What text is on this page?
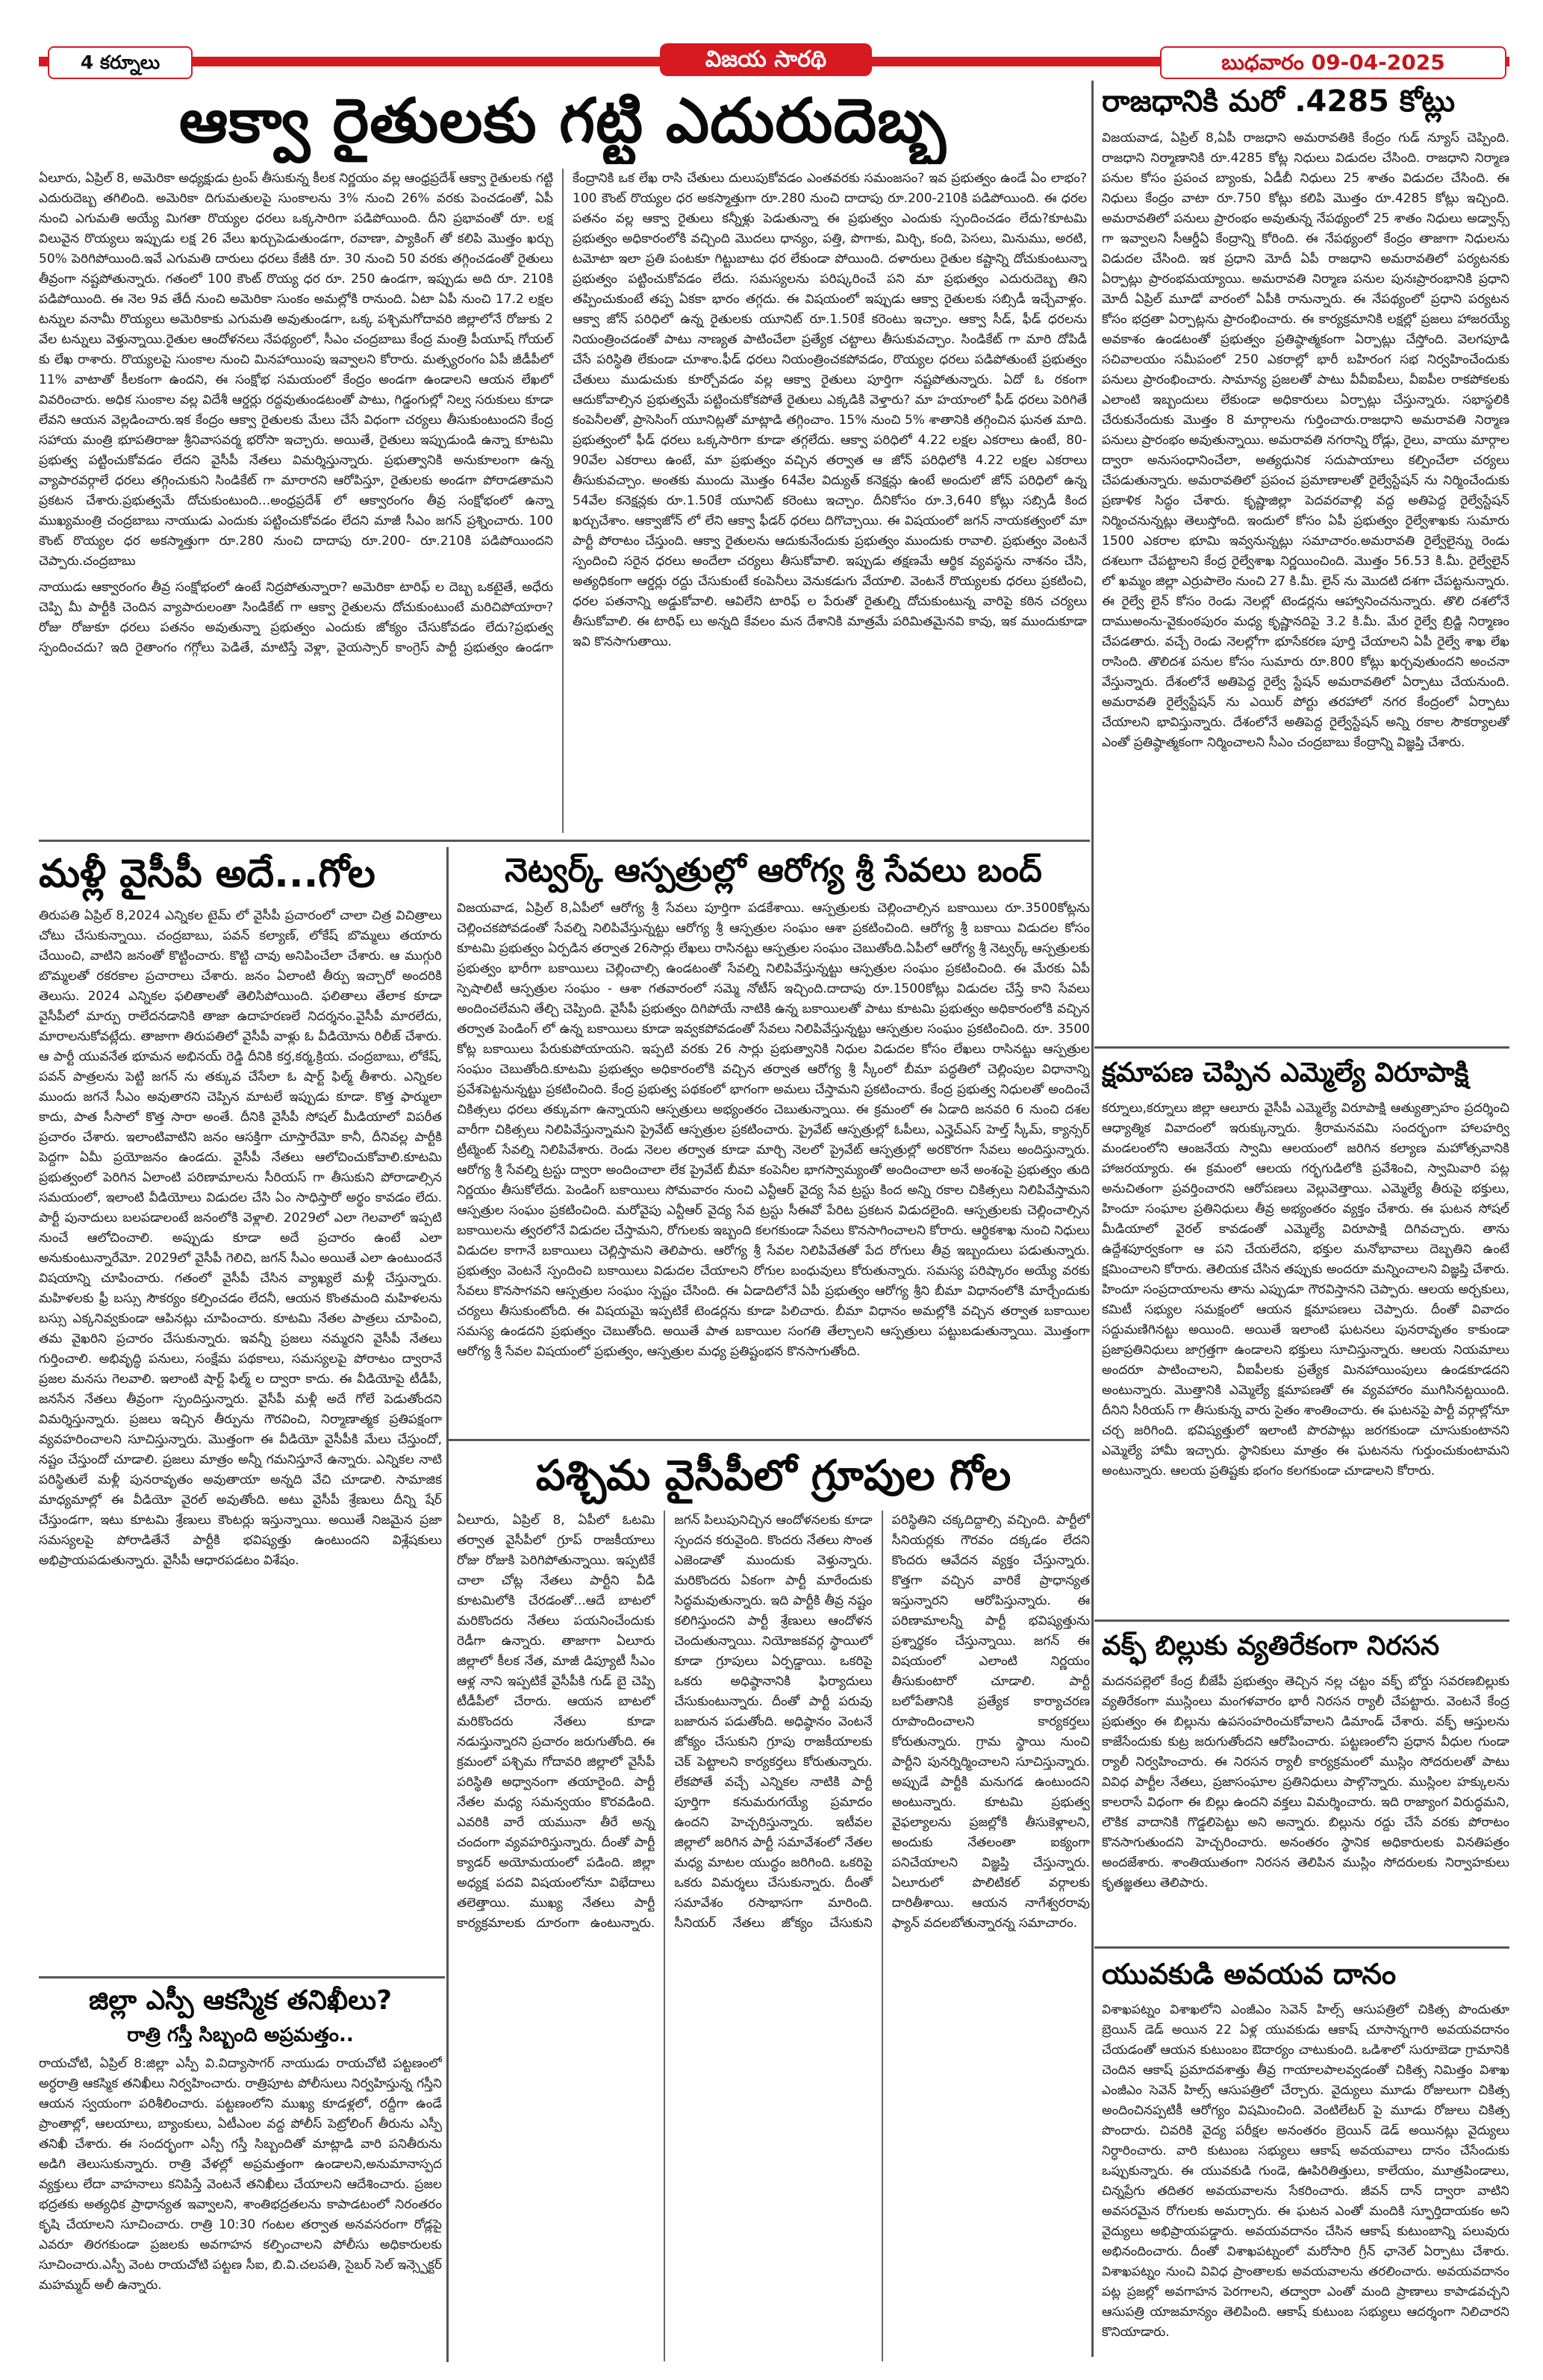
4 కర్నూలు	విజయ సారథి	బుధవారం 09-04-2025
ఆక్వా రైతులకు గట్టి ఎదురుదెబ్బ

ఏలూరు, ఏప్రిల్ 8, అమెరికా అధ్యక్షుడు ట్రంప్ తీసుకున్న కీలక నిర్ణయం వల్ల ఆంధ్రప్రదేశ్ ఆక్వా రైతులకు గట్టి ఎదురుదెబ్బ తగిలింది. అమెరికా దిగుమతులపై సుంకాలను 3% నుంచి 26% వరకు పెంచడంతో, ఏపీ నుంచి ఎగుమతి అయ్యే మిగతా రొయ్యల ధరలు ఒక్కసారిగా పడిపోయింది. దీని ప్రభావంతో రూ. లక్ష విలువైన రొయ్యలు ఇప్పుడు లక్ష 26 వేలు ఖర్చుపెడుతుండగా, రవాణా, ప్యాకింగ్ తో కలిపి మొత్తం ఖర్చు 50% పెరిగిపోయింది.ఇవే ఎగుమతి దారులు ధరలు కేజీకి రూ. 30 నుంచి 50 వరకు తగ్గించడంతో రైతులు తీవ్రంగా నష్టపోతున్నారు. గతంలో 100 కౌంట్ రొయ్య ధర రూ. 250 ఉండగా, ఇప్పుడు అది రూ. 210కి పడిపోయింది. ఈ నెల 9వ తేదీ నుంచి అమెరికా సుంకం అమల్లోకి రానుంది. ఏటా ఏపీ నుంచి 17.2 లక్షల టన్నుల వనామీ రొయ్యలు అమెరికాకు ఎగుమతి అవుతుండగా, ఒక్క పశ్చిమగోదావరి జిల్లాలోనే రోజుకు 2 వేల టన్నులు వెళ్తున్నాయి.రైతుల ఆందోళనలు నేపథ్యంలో, సీఎం చంద్రబాబు కేంద్ర మంత్రి పీయూష్ గోయల్ కు లేఖ రాశారు. రొయ్యలపై సుంకాల నుంచి మినహాయింపు ఇవ్వాలని కోరారు. మత్స్యరంగం ఏపీ జీడీపీలో 11% వాటాతో కీలకంగా ఉందని, ఈ సంక్షోభ సమయంలో కేంద్రం అండగా ఉండాలని ఆయన లేఖలో వివరించారు. అధిక సుంకాల వల్ల విదేశీ ఆర్డర్లు రద్దవుతుండటంతో పాటు, గిడ్డంగుల్లో నిల్వ సరుకులు కూడా లేవని ఆయన వెల్లడించారు.ఇక కేంద్రం ఆక్వా రైతులకు మేలు చేసే విధంగా చర్యలు తీసుకుంటుందని కేంద్ర సహాయ మంత్రి భూపతిరాజు శ్రీనివాసవర్మ భరోసా ఇచ్చారు. అయితే, రైతులు ఇప్పుడుండి ఉన్నా కూటమి ప్రభుత్వ పట్టించుకోవడం లేదని వైసీపీ నేతలు విమర్శిస్తున్నారు. ప్రభుత్వానికి అనుకూలంగా ఉన్న వ్యాపారవర్గాలే ధరలు తగ్గించుకుని సిండికేట్ గా మారారని ఆరోపిస్తూ, రైతులకు అండగా పోరాడతామని ప్రకటన చేశారు.ప్రభుత్వమే దోచుకుంటుంది...అంధ్రప్రదేశ్ లో ఆక్వారంగం తీవ్ర సంక్షోభంలో ఉన్నా ముఖ్యమంత్రి చంద్రబాబు నాయుడు ఎందుకు పట్టించుకోవడం లేదని మాజీ సీఎం జగన్ ప్రశ్నించారు. 100 కౌంట్ రొయ్యల ధర అకస్మాత్తుగా రూ.280 నుంచి దాదాపు రూ.200- రూ.210కి పడిపోయిందని చెప్పారు.చంద్రబాబు

నాయుడు ఆక్వారంగం తీవ్ర సంక్షోభంలో ఉంటే నిద్రపోతున్నారా? అమెరికా టారిఫ్ ల దెబ్బ ఒకటైతే, అధేరు చెప్పి మీ పార్టీకి చెందిన వ్యాపారులంతా సిండికేట్ గా ఆక్వా రైతులను దోచుకుంటుంటే మరిచిపోయారా? రోజు రోజుకూ ధరలు పతనం అవుతున్నా ప్రభుత్వం ఎందుకు జోక్యం చేసుకోవడం లేదు?ప్రభుత్వ స్పందించదు? ఇది రైతాంగం గగ్గోలు పెడితే, మాటిస్తే వెళ్లా, వైయస్సార్ కాంగ్రెస్ పార్టీ ప్రభుత్వం ఉండగా కేంద్రానికి ఒక లేఖ రాసి చేతులు దులుపుకోవడం ఎంతవరకు సమంజసం? ఇవ ప్రభుత్వం ఉండే ఏం లాభం? 100 కౌంట్ రొయ్యల ధర అకస్మాత్తుగా రూ.280 నుంచి దాదాపు రూ.200-210కి పడిపోయింది. ఈ ధరల పతనం వల్ల ఆక్వా రైతులు కన్నీళ్లు పెడుతున్నా ఈ ప్రభుత్వం ఎందుకు స్పందించడం లేదు?కూటమి ప్రభుత్వం అధికారంలోకి వచ్చింది మొదలు ధాన్యం, పత్తి, పొగాకు, మిర్చి, కంది, పెసలు, మినుము, అరటి, టమోటా ఇలా ప్రతి పంటకూ గిట్టుబాటు ధర లేకుండా పోయింది. దళారులు రైతుల కష్టాన్ని దోచుకుంటున్నా ప్రభుత్వం పట్టించుకోవడం లేదు. సమస్యలను పరిష్కరించే పని మా ప్రభుత్వం ఎదురుదెబ్బ తిని తప్పించుకుంటే తప్ప ఏకకా భారం తగ్గదు. ఈ విషయంలో ఇప్పుడు ఆక్వా రైతులకు సబ్సిడీ ఇచ్చేవాళ్లం. ఆక్వా జోన్ పరిధిలో ఉన్న రైతులకు యూనిట్ రూ.1.50కే కరెంటు ఇచ్చాం. ఆక్వా సీడ్, ఫీడ్ ధరలను నియంత్రించడంతో పాటు నాణ్యత పాటించేలా ప్రత్యేక చట్టాలు తీసుకువచ్చాం. సిండికేట్ గా మారి దోపిడీ చేసే పరిస్థితి లేకుండా చూశాం.ఫీడ్ ధరలు నియంత్రించకపోవడం, రొయ్యల ధరలు పడిపోతుంటే ప్రభుత్వం చేతులు ముడుచుకు కూర్చోవడం వల్ల ఆక్వా రైతులు పూర్తిగా నష్టపోతున్నారు. ఏదో ఓ రకంగా ఆదుకోవాల్సిన ప్రభుత్వమే పట్టించుకోకపోతే రైతులు ఎక్కడికి వెళ్తారు? మా హయాంలో ఫీడ్ ధరలు పెరిగితే కంపెనీలతో, ప్రాసెసింగ్ యూనిట్లతో మాట్లాడి తగ్గించాం. 15% నుంచి 5% శాతానికి తగ్గించిన ఘనత మాది. ప్రభుత్వంలో ఫీడ్ ధరలు ఒక్కసారిగా కూడా తగ్గలేదు. ఆక్వా పరిధిలో 4.22 లక్షల ఎకరాలు ఉంటే, 80-90వేల ఎకరాలు ఉంటే, మా ప్రభుత్వం వచ్చిన తర్వాత ఆ జోన్ పరిధిలోకి 4.22 లక్షల ఎకరాలు తీసుకువచ్చాం. అంతకు ముందు మొత్తం 64వేల విద్యుత్ కనెక్షన్లు ఉంటే అందులో జోన్ పరిధిలో ఉన్న 54వేల కనెక్షన్లకు రూ.1.50కే యూనిట్ కరెంటు ఇచ్చాం. దీనికోసం రూ.3,640 కోట్లు సబ్సిడీ కింద ఖర్చుచేశాం. ఆక్వాజోన్ లో లేని ఆక్వా ఫీడర్ ధరలు దిగొచ్చాయి. ఈ విషయంలో జగన్ నాయకత్వంలో మా పార్టీ పోరాటం చేస్తుంది. ఆక్వా రైతులను ఆదుకునేందుకు ప్రభుత్వం ముందుకు రావాలి. ప్రభుత్వం వెంటనే స్పందించి సరైన ధరలు అందేలా చర్యలు తీసుకోవాలి. ఇప్పుడు తక్షణమే ఆర్థిక వ్యవస్థను నాశనం చేసి, అత్యధికంగా ఆర్డర్లు రద్దు చేసుకుంటే కంపెనీలు వెనుకడుగు వేయాలి. వెంటనే రొయ్యలకు ధరలు ప్రకటించి, ధరల పతనాన్ని అడ్డుకోవాలి. ఆవిలేని టారిఫ్ ల పేరుతో రైతుల్ని దోచుకుంటున్న వారిపై కఠిన చర్యలు తీసుకోవాలి. ఈ టారిఫ్ లు అన్నది కేవలం మన దేశానికి మాత్రమే పరిమితమైనవి కావు, ఇక ముందుకూడా ఇవి కొనసాగుతాయి.

రాజధానికి మరో .4285 కోట్లు
విజయవాడ, ఏప్రిల్ 8,ఏపీ రాజధాని అమరావతికి కేంద్రం గుడ్ న్యూస్ చెప్పింది. రాజధాని నిర్మాణానికి రూ.4285 కోట్ల నిధులు విడుదల చేసింది. రాజధాని నిర్మాణ పనుల కోసం ప్రపంచ బ్యాంకు, ఏడీబీ నిధులు 25 శాతం విడుదల చేసింది. ఈ నిధులు కేంద్రం వాటా రూ.750 కోట్లు కలిపి మొత్తం రూ.4285 కోట్లు ఇచ్చింది. అమరావతిలో పనులు ప్రారంభం అవుతున్న నేపథ్యంలో 25 శాతం నిధులు అడ్వాన్స్ గా ఇవ్వాలని సీఆర్డీఏ కేంద్రాన్ని కోరింది. ఈ నేపథ్యంలో కేంద్రం తాజాగా నిధులను విడుదల చేసింది. ఇక ప్రధాని మోదీ ఏపీ రాజధాని అమరావతిలో పర్యటనకు ఏర్పాట్లు ప్రారంభమయ్యాయి. అమరావతి నిర్మాణ పనుల పునఃప్రారంభానికి ప్రధాని మోదీ ఏప్రిల్ మూడో వారంలో ఏపీకి రానున్నారు. ఈ నేపథ్యంలో ప్రధాని పర్యటన కోసం భద్రతా ఏర్పాట్లను ప్రారంభించారు. ఈ కార్యక్రమానికి లక్షల్లో ప్రజలు హాజరయ్యే అవకాశం ఉండటంతో ప్రభుత్వం ప్రతిష్ఠాత్మకంగా ఏర్పాట్లు చేస్తోంది. వెలగపూడి సచివాలయం సమీపంలో 250 ఎకరాల్లో భారీ బహిరంగ సభ నిర్వహించేందుకు పనులు ప్రారంభించారు. సామాన్య ప్రజలతో పాటు వీవీఐపీలు, వీఐపీల రాకపోకలకు ఎలాంటి ఇబ్బందులు లేకుండా అధికారులు ఏర్పాట్లు చేస్తున్నారు. సభాస్థలికి చేరుకునేందుకు మొత్తం 8 మార్గాలను గుర్తించారు.రాజధాని అమరావతి నిర్మాణ పనులు ప్రారంభం అవుతున్నాయి. అమరావతి నగరాన్ని రోడ్లు, రైలు, వాయు మార్గాల ద్వారా అనుసంధానించేలా, అత్యధునిక సదుపాయాలు కల్పించేలా చర్యలు చేపడుతున్నారు. అమరావతిలో ప్రపంచ ప్రమాణాలతో రైల్వేస్టేషన్ ను నిర్మించేందుకు ప్రణాళిక సిద్ధం చేశారు. కృష్ణాజిల్లా పెదవరవాల్లి వద్ద అతిపెద్ద రైల్వేస్టేషన్ నిర్మించనున్నట్లు తెలుస్తోంది. ఇందులో కోసం ఏపీ ప్రభుత్వం రైల్వేశాఖకు సుమారు 1500 ఎకరాల భూమి ఇవ్వనున్నట్లు సమాచారం.అమరావతి రైల్వేలైన్ను రెండు దశలుగా చేపట్టాలని కేంద్ర రైల్వేశాఖ నిర్ణయించింది. మొత్తం 56.53 కి.మీ. రైల్వేలైన్ లో ఖమ్మం జిల్లా ఎర్రుపాలెం నుంచి 27 కి.మీ. లైన్ ను మొదటి దశగా చేపట్టనున్నారు. ఈ రైల్వే లైన్ కోసం రెండు నెలల్లో టెండర్లను ఆహ్వానించనున్నారు. తొలి దశలోనే దాముఅంను-వైకుంఠపురం మధ్య కృష్ణానదిపై 3.2 కి.మీ. మేర రైల్వే బ్రిడ్జి నిర్మాణం చేపడతారు. వచ్చే రెండు నెలల్లోగా భూసేకరణ పూర్తి చేయాలని ఏపీ రైల్వే శాఖ లేఖ రాసింది. తొలిదశ పనుల కోసం సుమారు రూ.800 కోట్లు ఖర్చవుతుందని అంచనా వేస్తున్నారు. దేశంలోనే అతిపెద్ద రైల్వే స్టేషన్ అమరావతిలో ఏర్పాటు చేయనుంది. అమరావతి రైల్వేస్టేషన్ ను ఎయిర్ పోర్టు తరహాలో నగర కేంద్రంలో ఏర్పాటు చేయాలని భావిస్తున్నారు. దేశంలోనే అతిపెద్ద రైల్వేస్టేషన్ అన్ని రకాల సౌకర్యాలతో ఎంతో ప్రతిష్ఠాత్మకంగా నిర్మించాలని సీఎం చంద్రబాబు కేంద్రాన్ని విజ్ఞప్తి చేశారు.
మళ్లీ వైసీపీ అదే...గోల
తిరుపతి ఏప్రిల్ 8,2024 ఎన్నికల టైమ్ లో వైసీపీ ప్రచారంలో చాలా చిత్ర విచిత్రాలు చోటు చేసుకున్నాయి. చంద్రబాబు, పవన్ కల్యాణ్, లోకేష్ బొమ్మలు తయారు చేయించి, వాటిని జనంతో కొట్టించారు. కొట్టి చావు అనిపించేలా చేశారు. ఆ ముగ్గురి బొమ్మలతో రకరకాల ప్రచారాలు చేశారు. జనం ఏలాంటి తీర్పు ఇచ్చారో అందరికి తెలుసు. 2024 ఎన్నికల ఫలితాలతో తెలిసిపోయింది. ఫలితాలు తేలాక కూడా వైసీపీలో మార్పు రాలేదనడానికి తాజా ఉదాహరణలే నిదర్శనం.వైసీపీ మారలేదు, మారాలనుకోవట్లేదు. తాజాగా తిరుపతిలో వైసీపీ వాళ్లు ఓ వీడియోను రిలీజ్ చేశారు. ఆ పార్టీ యువనేత భూమన అభినయ్ రెడ్డి దీనికి కర్త,కర్మ,క్రియ. చంద్రబాబు, లోకేష్, పవన్ పాత్రలను పెట్టి జగన్ ను తక్కువ చేసేలా ఓ షార్ట్ ఫిల్మ్ తీశారు. ఎన్నికల ముందు జగనే సీఎం అవుతారని చెప్పిన మాటలే ఇప్పుడు కూడా. కొత్త ఫార్ములా కాదు, పాత సీసాలో కొత్త సారా అంతే. దీనికి వైసీపీ సోషల్ మీడియాలో విపరీత ప్రచారం చేశారు. ఇలాంటివాటిని జనం ఆసక్తిగా చూస్తారేమో కానీ, దీనివల్ల పార్టీకి పెద్దగా ఏమీ ప్రయోజనం ఉండదు. వైసీపీ నేతలు ఆలోచించుకోవాలి.కూటమి ప్రభుత్వంలో పెరిగిన ఏలాంటి పరిణామాలను సీరియస్ గా తీసుకుని పోరాడాల్సిన సమయంలో, ఇలాంటి వీడియోలు విడుదల చేసి ఏం సాధిస్తారో అర్థం కావడం లేదు. పార్టీ పునాదులు బలపడాలంటే జనంలోకి వెళ్లాలి. 2029లో ఎలా గెలవాలో ఇప్పటి నుంచే ఆలోచించాలి. అప్పుడు కూడా అదే ప్రచారం ఉంటే ఎలా అనుకుంటున్నారేమో. 2029లో వైసీపీ గెలిచి, జగన్ సీఎం అయితే ఎలా ఉంటుందనే విషయాన్ని చూపించారు. గతంలో వైసీపీ చేసిన వ్యాఖ్యలే మళ్లీ చేస్తున్నారు. మహిళలకు ఫ్రీ బస్సు సౌకర్యం కల్పించడం లేదనీ, ఆయన కొంతమంది మహిళలను బస్సు ఎక్కనివ్వకుండా ఆపినట్లు చూపించారు. కూటమి నేతల పాత్రలు చూపించి, తమ వైఖరిని ప్రచారం చేసుకున్నారు. ఇవన్నీ ప్రజలు నమ్మరని వైసీపీ నేతలు గుర్తించాలి. అభివృద్ధి పనులు, సంక్షేమ పథకాలు, సమస్యలపై పోరాటం ద్వారానే ప్రజల మనసు గెలవాలి. ఇలాంటి షార్ట్ ఫిల్మ్ ల ద్వారా కాదు. ఈ వీడియోపై టీడీపీ, జనసేన నేతలు తీవ్రంగా స్పందిస్తున్నారు. వైసీపీ మళ్లీ అదే గోలే పెడుతోందని విమర్శిస్తున్నారు. ప్రజలు ఇచ్చిన తీర్పును గౌరవించి, నిర్మాణాత్మక ప్రతిపక్షంగా వ్యవహరించాలని సూచిస్తున్నారు. మొత్తంగా ఈ వీడియో వైసీపీకి మేలు చేస్తుందో, నష్టం చేస్తుందో చూడాలి. ప్రజలు మాత్రం అన్నీ గమనిస్తూనే ఉన్నారు. ఎన్నికల నాటి పరిస్థితులే మళ్లీ పునరావృతం అవుతాయా అన్నది వేచి చూడాలి. సామాజిక మాధ్యమాల్లో ఈ వీడియో వైరల్ అవుతోంది. అటు వైసీపీ శ్రేణులు దీన్ని షేర్ చేస్తుండగా, ఇటు కూటమి శ్రేణులు కౌంటర్లు ఇస్తున్నాయి. అయితే నిజమైన ప్రజా సమస్యలపై పోరాడితేనే పార్టీకి భవిష్యత్తు ఉంటుందని విశ్లేషకులు అభిప్రాయపడుతున్నారు. వైసీపీ ఆధారపడటం విశేషం.
జిల్లా ఎస్పీ ఆకస్మిక తనిఖీలు?
రాత్రి గస్తీ సిబ్బంది అప్రమత్తం..
రాయచోటి, ఏప్రిల్ 8:జిల్లా ఎస్పీ వి.విద్యాసాగర్ నాయుడు రాయచోటి పట్టణంలో అర్ధరాత్రి ఆకస్మిక తనిఖీలు నిర్వహించారు. రాత్రిపూట పోలీసులు నిర్వహిస్తున్న గస్తీని ఆయన స్వయంగా పరిశీలించారు. పట్టణంలోని ముఖ్య కూడళ్లలో, రద్దీగా ఉండే ప్రాంతాల్లో, ఆలయాలు, బ్యాంకులు, ఏటీఎంల వద్ద పోలీస్ పెట్రోలింగ్ తీరును ఎస్పీ తనిఖీ చేశారు. ఈ సందర్భంగా ఎస్పీ గస్తీ సిబ్బందితో మాట్లాడి వారి పనితీరును అడిగి తెలుసుకున్నారు. రాత్రి వేళల్లో అప్రమత్తంగా ఉండాలని,అనుమానాస్పద వ్యక్తులు లేదా వాహనాలు కనిపిస్తే వెంటనే తనిఖీలు చేయాలని ఆదేశించారు. ప్రజల భద్రతకు అత్యధిక ప్రాధాన్యత ఇవ్వాలని, శాంతిభద్రతలను కాపాడటంలో నిరంతరం కృషి చేయాలని సూచించారు. రాత్రి 10:30 గంటల తర్వాత అనవసరంగా రోడ్లపై ఎవరూ తిరగకుండా ప్రజలకు అవగాహన కల్పించాలని పోలీసు అధికారులకు సూచించారు.ఎస్పీ వెంట రాయచోటి పట్టణ సీఐ, బి.వి.చలపతి, సైబర్ సెల్ ఇన్స్పెక్టర్ మహమ్మద్ అలీ ఉన్నారు.
నెట్వర్క్ ఆస్పత్రుల్లో ఆరోగ్య శ్రీ సేవలు బంద్
విజయవాడ, ఏప్రిల్ 8,ఏపీలో ఆరోగ్య శ్రీ సేవలు పూర్తిగా పడకేశాయి. ఆస్పత్రులకు చెల్లించాల్సిన బకాయిలు రూ.3500కోట్లను చెల్లించకపోవడంతో సేవల్ని నిలిపివేస్తున్నట్టు ఆరోగ్య శ్రీ ఆస్పత్రుల సంఘం ఆశా ప్రకటించింది. ఆరోగ్య శ్రీ బకాయి విడుదల కోసం కూటమి ప్రభుత్వం ఏర్పడిన తర్వాత 26సార్లు లేఖలు రాసినట్టు ఆస్పత్రుల సంఘం చెబుతోంది.ఏపీలో ఆరోగ్య శ్రీ నెట్వర్క్ ఆస్పత్రులకు ప్రభుత్వం భారీగా బకాయిలు చెల్లించాల్సి ఉండటంతో సేవల్ని నిలిపివేస్తున్నట్టు ఆస్పత్రుల సంఘం ప్రకటించింది. ఈ మేరకు ఏపీ స్పెషాలిటీ ఆస్పత్రుల సంఘం - ఆశా గతవారంలో సమ్మె నోటీస్ ఇచ్చింది.దాదాపు రూ.1500కోట్లు విడుదల చేస్తే కాని సేవలు అందించలేమని తేల్చి చెప్పింది. వైసీపీ ప్రభుత్వం దిగిపోయే నాటికి ఉన్న బకాయిలతో పాటు కూటమి ప్రభుత్వం అధికారంలోకి వచ్చిన తర్వాత పెండింగ్ లో ఉన్న బకాయిలు కూడా ఇవ్వకపోవడంతో సేవలు నిలిపివేస్తున్నట్టు ఆస్పత్రుల సంఘం ప్రకటించింది. రూ. 3500 కోట్ల బకాయిలు పేరుకుపోయాయని. ఇప్పటి వరకు 26 సార్లు ప్రభుత్వానికి నిధుల విడుదల కోసం లేఖలు రాసినట్టు ఆస్పత్రుల సంఘం చెబుతోంది.కూటమి ప్రభుత్వం అధికారంలోకి వచ్చిన తర్వాత ఆరోగ్య శ్రీ స్కీంలో బీమా పద్ధతిలో చెల్లింపుల విధానాన్ని ప్రవేశపెట్టనున్నట్టు ప్రకటించింది. కేంద్ర ప్రభుత్వ పథకంలో భాగంగా అమలు చేస్తామని ప్రకటించారు. కేంద్ర ప్రభుత్వ నిధులతో అందించే చికిత్సలు ధరలు తక్కువగా ఉన్నాయని ఆస్పత్రులు అభ్యంతరం చెబుతున్నాయి. ఈ క్రమంలో ఈ ఏడాది జనవరి 6 నుంచి దశల వారీగా చికిత్సలు నిలిపివేస్తున్నామని ప్రైవేట్ ఆస్పత్రుల ప్రకటించారు. ప్రైవేట్ ఆస్పత్రుల్లో ఓపీలు, ఎన్హెచ్ఎస్ హెల్త్ స్కీమ్, క్యాన్సర్ ట్రీట్మెంట్ సేవల్ని నిలిపివేశారు. రెండు నెలల తర్వాత కూడా మార్చి నెలలో ప్రైవేట్ ఆస్పత్రుల్లో అరకొరగా సేవలు అందిస్తున్నారు. ఆరోగ్య శ్రీ సేవల్ని ట్రస్టు ద్వారా అందించాలా లేక ప్రైవేట్ బీమా కంపెనీల భాగస్వామ్యంతో అందించాలా అనే అంశంపై ప్రభుత్వం తుది నిర్ణయం తీసుకోలేదు. పెండింగ్ బకాయిలు సోమవారం నుంచి ఎన్టీఆర్ వైద్య సేవ ట్రస్టు కింద అన్ని రకాల చికిత్సలు నిలిపివేస్తామని ఆస్పత్రుల సంఘం ప్రకటించింది. మరోవైపు ఎన్టీఆర్ వైద్య సేవ ట్రస్టు సీఈవో పేరిట ప్రకటన విడుదలైంది. ఆస్పత్రులకు చెల్లించాల్సిన బకాయిలను త్వరలోనే విడుదల చేస్తామని, రోగులకు ఇబ్బంది కలగకుండా సేవలు కొనసాగించాలని కోరారు. ఆర్థికశాఖ నుంచి నిధులు విడుదల కాగానే బకాయిలు చెల్లిస్తామని తెలిపారు. ఆరోగ్య శ్రీ సేవల నిలిపివేతతో పేద రోగులు తీవ్ర ఇబ్బందులు పడుతున్నారు. ప్రభుత్వం వెంటనే స్పందించి బకాయిలు విడుదల చేయాలని రోగుల బంధువులు కోరుతున్నారు. సమస్య పరిష్కారం అయ్యే వరకు సేవలు కొనసాగవని ఆస్పత్రుల సంఘం స్పష్టం చేసింది. ఈ ఏడాదిలోనే ఏపీ ప్రభుత్వం ఆరోగ్య శ్రీని బీమా విధానంలోకి మార్చేందుకు చర్యలు తీసుకుంటోంది. ఈ విషయమై ఇప్పటికే టెండర్లను కూడా పిలిచారు. బీమా విధానం అమల్లోకి వచ్చిన తర్వాత బకాయిల సమస్య ఉండదని ప్రభుత్వం చెబుతోంది. అయితే పాత బకాయిల సంగతి తేల్చాలని ఆస్పత్రులు పట్టుబడుతున్నాయి. మొత్తంగా ఆరోగ్య శ్రీ సేవల విషయంలో ప్రభుత్వం, ఆస్పత్రుల మధ్య ప్రతిష్టంభన కొనసాగుతోంది.
పశ్చిమ వైసీపీలో గ్రూపుల గోల
ఏలూరు, ఏప్రిల్ 8, ఏపీలో ఓటమి తర్వాత వైసీపీలో గ్రూప్ రాజకీయాలు రోజు రోజుకి పెరిగిపోతున్నాయి. ఇప్పటికే చాలా చోట్ల నేతలు పార్టీని వీడి కూటమిలోకి చేరడంతో...ఆదే బాటలో మరికొందరు నేతలు పయనించేందుకు రెడీగా ఉన్నారు. తాజాగా ఏలూరు జిల్లాలో కీలక నేత, మాజీ డిప్యూటీ సీఎం ఆళ్ల నాని ఇప్పటికే వైసీపీకి గుడ్ బై చెప్పి టీడీపీలో చేరారు. ఆయన బాటలో మరికొందరు నేతలు కూడా నడుస్తున్నారని ప్రచారం జరుగుతోంది. ఈ క్రమంలో పశ్చిమ గోదావరి జిల్లాలో వైసీపీ పరిస్థితి అధ్వానంగా తయారైంది. పార్టీ నేతల మధ్య సమన్వయం కొరవడింది. ఎవరికి వారే యమునా తీరే అన్న చందంగా వ్యవహరిస్తున్నారు. దీంతో పార్టీ క్యాడర్ అయోమయంలో పడింది. జిల్లా అధ్యక్ష పదవి విషయంలోనూ విభేదాలు తలెత్తాయి. ముఖ్య నేతలు పార్టీ కార్యక్రమాలకు దూరంగా ఉంటున్నారు. జగన్ పిలుపునిచ్చిన ఆందోళనలకు కూడా స్పందన కరువైంది. కొందరు నేతలు సొంత ఎజెండాతో ముందుకు వెళ్తున్నారు. మరికొందరు ఏకంగా పార్టీ మారేందుకు సిద్ధమవుతున్నారు. ఇది పార్టీకి తీవ్ర నష్టం కలిగిస్తుందని పార్టీ శ్రేణులు ఆందోళన చెందుతున్నాయి. నియోజకవర్గ స్థాయిలో కూడా గ్రూపులు ఏర్పడ్డాయి. ఒకరిపై ఒకరు అధిష్ఠానానికి ఫిర్యాదులు చేసుకుంటున్నారు. దీంతో పార్టీ పరువు బజారున పడుతోంది. అధిష్ఠానం వెంటనే జోక్యం చేసుకుని గ్రూపు రాజకీయాలకు చెక్ పెట్టాలని కార్యకర్తలు కోరుతున్నారు. లేకపోతే వచ్చే ఎన్నికల నాటికి పార్టీ పూర్తిగా కనుమరుగయ్యే ప్రమాదం ఉందని హెచ్చరిస్తున్నారు. ఇటీవల జిల్లాలో జరిగిన పార్టీ సమావేశంలో నేతల మధ్య మాటల యుద్ధం జరిగింది. ఒకరిపై ఒకరు విమర్శలు చేసుకున్నారు. దీంతో సమావేశం రసాభాసగా మారింది. సీనియర్ నేతలు జోక్యం చేసుకుని పరిస్థితిని చక్కదిద్దాల్సి వచ్చింది. పార్టీలో సీనియర్లకు గౌరవం దక్కడం లేదని కొందరు ఆవేదన వ్యక్తం చేస్తున్నారు. కొత్తగా వచ్చిన వారికే ప్రాధాన్యత ఇస్తున్నారని ఆరోపిస్తున్నారు. ఈ పరిణామాలన్నీ పార్టీ భవిష్యత్తును ప్రశ్నార్థకం చేస్తున్నాయి. జగన్ ఈ విషయంలో ఎలాంటి నిర్ణయం తీసుకుంటారో చూడాలి. పార్టీ బలోపేతానికి ప్రత్యేక కార్యాచరణ రూపొందించాలని కార్యకర్తలు కోరుతున్నారు. గ్రామ స్థాయి నుంచి పార్టీని పునర్నిర్మించాలని సూచిస్తున్నారు. అప్పుడే పార్టీకి మనుగడ ఉంటుందని అంటున్నారు. కూటమి ప్రభుత్వ వైఫల్యాలను ప్రజల్లోకి తీసుకెళ్లాలని, అందుకు నేతలంతా ఐక్యంగా పనిచేయాలని విజ్ఞప్తి చేస్తున్నారు. ఏలూరులో పొలిటికల్ వర్గాలకు దారితీశాయి. ఆయన నాగేశ్వరరావు ఫ్యాన్ వదలబోతున్నారన్న సమాచారం.
క్షమాపణ చెప్పిన ఎమ్మెల్యే విరూపాక్షి
కర్నూలు,కర్నూలు జిల్లా ఆలూరు వైసీపీ ఎమ్మెల్యే విరూపాక్షి ఆత్యుత్సాహం ప్రదర్శించి ఆధ్యాత్మిక వివాదంలో ఇరుక్కున్నారు. శ్రీరామనవమి సందర్భంగా హాలహర్వి మండలంలోని ఆంజనేయ స్వామి ఆలయంలో జరిగిన కల్యాణ మహోత్సవానికి హాజరయ్యారు. ఈ క్రమంలో ఆలయ గర్భగుడిలోకి ప్రవేశించి, స్వామివారి పట్ల అనుచితంగా ప్రవర్తించారని ఆరోపణలు వెల్లువెత్తాయి. ఎమ్మెల్యే తీరుపై భక్తులు, హిందూ సంఘాల ప్రతినిధులు తీవ్ర అభ్యంతరం వ్యక్తం చేశారు. ఈ ఘటన సోషల్ మీడియాలో వైరల్ కావడంతో ఎమ్మెల్యే విరూపాక్షి దిగివచ్చారు. తాను ఉద్దేశపూర్వకంగా ఆ పని చేయలేదని, భక్తుల మనోభావాలు దెబ్బతిని ఉంటే క్షమించాలని కోరారు. తెలియక చేసిన తప్పుకు అందరూ మన్నించాలని విజ్ఞప్తి చేశారు. హిందూ సంప్రదాయాలను తాను ఎప్పుడూ గౌరవిస్తానని చెప్పారు. ఆలయ అర్చకులు, కమిటీ సభ్యుల సమక్షంలో ఆయన క్షమాపణలు చెప్పారు. దీంతో వివాదం సద్దుమణిగినట్టు అయింది. అయితే ఇలాంటి ఘటనలు పునరావృతం కాకుండా ప్రజాప్రతినిధులు జాగ్రత్తగా ఉండాలని భక్తులు సూచిస్తున్నారు. ఆలయ నియమాలు అందరూ పాటించాలని, వీఐపీలకు ప్రత్యేక మినహాయింపులు ఉండకూడదని అంటున్నారు. మొత్తానికి ఎమ్మెల్యే క్షమాపణతో ఈ వ్యవహారం ముగిసినట్టయింది. దీనిని సీరియస్ గా తీసుకున్న వారు సైతం శాంతించారు. ఈ ఘటనపై పార్టీ వర్గాల్లోనూ చర్చ జరిగింది. భవిష్యత్తులో ఇలాంటి పొరపాట్లు జరగకుండా చూసుకుంటానని ఎమ్మెల్యే హామీ ఇచ్చారు. స్థానికులు మాత్రం ఈ ఘటనను గుర్తుంచుకుంటామని అంటున్నారు. ఆలయ ప్రతిష్టకు భంగం కలగకుండా చూడాలని కోరారు.
వక్ఫ్ బిల్లుకు వ్యతిరేకంగా నిరసన
మదనపల్లెలో కేంద్ర బీజేపీ ప్రభుత్వం తెచ్చిన నల్ల చట్టం వక్ఫ్ బోర్డు సవరణబిల్లుకు వ్యతిరేకంగా ముస్లింలు మంగళవారం భారీ నిరసన ర్యాలీ చేపట్టారు. వెంటనే కేంద్ర ప్రభుత్వం ఈ బిల్లును ఉపసంహరించుకోవాలని డిమాండ్ చేశారు. వక్ఫ్ ఆస్తులను కాజేసేందుకు కుట్ర జరుగుతోందని ఆరోపించారు. పట్టణంలోని ప్రధాన వీధుల గుండా ర్యాలీ నిర్వహించారు. ఈ నిరసన ర్యాలీ కార్యక్రమంలో ముస్లిం సోదరులతో పాటు వివిధ పార్టీల నేతలు, ప్రజాసంఘాల ప్రతినిధులు పాల్గొన్నారు. ముస్లింల హక్కులను కాలరాసే విధంగా ఈ బిల్లు ఉందని వక్తలు విమర్శించారు. ఇది రాజ్యాంగ విరుద్ధమని, లౌకిక వాదానికి గొడ్డలిపెట్టు అని అన్నారు. బిల్లును రద్దు చేసే వరకు పోరాటం కొనసాగుతుందని హెచ్చరించారు. అనంతరం స్థానిక అధికారులకు వినతిపత్రం అందజేశారు. శాంతియుతంగా నిరసన తెలిపిన ముస్లిం సోదరులకు నిర్వాహకులు కృతజ్ఞతలు తెలిపారు.
యువకుడి అవయవ దానం
విశాఖపట్నం విశాఖలోని ఎంజీఎం సెవెన్ హిల్స్ ఆసుపత్రిలో చికిత్స పొందుతూ బ్రెయిన్ డెడ్ అయిన 22 ఏళ్ల యువకుడు ఆకాష్ చూసాన్నగారి అవయవదానం చేయడంతో ఆయన కుటుంబం ఔదార్యం చాటుకుంది. ఒడిశాలో సురూబెడా గ్రామానికి చెందిన ఆకాష్ ప్రమాదవశాత్తు తీవ్ర గాయాలపాలవ్వడంతో చికిత్స నిమిత్తం విశాఖ ఎంజీఎం సెవెన్ హిల్స్ ఆసుపత్రిలో చేర్చారు. వైద్యులు మూడు రోజులుగా చికిత్స అందించినప్పటికీ ఆరోగ్యం విషమించింది. వెంటిలేటర్ పై మూడు రోజులు చికిత్స పొందారు. చివరికి వైద్య పరీక్షల అనంతరం బ్రెయిన్ డెడ్ అయినట్లు వైద్యులు నిర్ధారించారు. వారి కుటుంబ సభ్యులు ఆకాష్ అవయవాలు దానం చేసేందుకు ఒప్పుకున్నారు. ఈ యువకుడి గుండె, ఊపిరితిత్తులు, కాలేయం, మూత్రపిండాలు, చిన్నప్రేగు తదితర అవయవాలను సేకరించారు. జీవన్ దాన్ ద్వారా వాటిని అవసరమైన రోగులకు అమర్చారు. ఈ ఘటన ఎంతో మందికి స్ఫూర్తిదాయకం అని వైద్యులు అభిప్రాయపడ్డారు. అవయవదానం చేసిన ఆకాష్ కుటుంబాన్ని పలువురు అభినందించారు. దీంతో విశాఖపట్నంలో మరోసారి గ్రీన్ ఛానెల్ ఏర్పాటు చేశారు. విశాఖపట్నం నుంచి వివిధ ప్రాంతాలకు అవయవాలను తరలించారు. అవయవదానం పట్ల ప్రజల్లో అవగాహన పెరగాలని, తద్వారా ఎంతో మంది ప్రాణాలు కాపాడవచ్చని ఆసుపత్రి యాజమాన్యం తెలిపింది. ఆకాష్ కుటుంబ సభ్యులు ఆదర్శంగా నిలిచారని కొనియాడారు.
